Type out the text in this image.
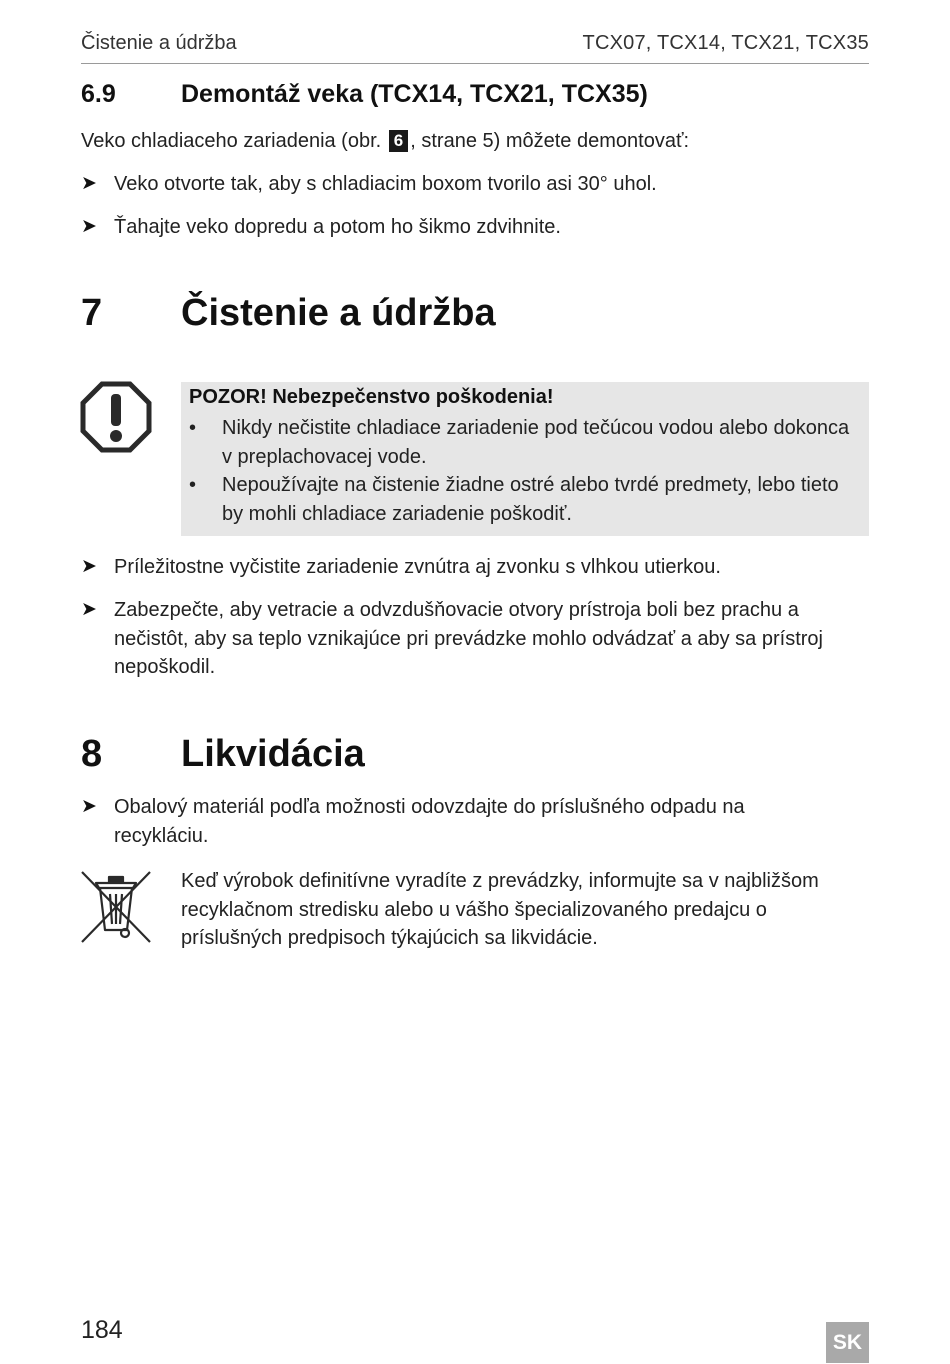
Čistenie a údržba	TCX07, TCX14, TCX21, TCX35
6.9	Demontáž veka (TCX14, TCX21, TCX35)
Veko chladiaceho zariadenia (obr. 6 , strane 5) môžete demontovať:
➤ Veko otvorte tak, aby s chladiacim boxom tvorilo asi 30° uhol.
➤ Ťahajte veko dopredu a potom ho šikmo zdvihnite.
7 Čistenie a údržba
POZOR! Nebezpečenstvo poškodenia!
• Nikdy nečistite chladiace zariadenie pod tečúcou vodou alebo dokonca v preplachovacej vode.
• Nepoužívajte na čistenie žiadne ostré alebo tvrdé predmety, lebo tieto by mohli chladiace zariadenie poškodiť.
➤ Príležitostne vyčistite zariadenie zvnútra aj zvonku s vlhkou utierkou.
➤ Zabezpečte, aby vetracie a odvzdušňovacie otvory prístroja boli bez prachu a nečistôt, aby sa teplo vznikajúce pri prevádzke mohlo odvádzať a aby sa prístroj nepoškodil.
8 Likvidácia
➤ Obalový materiál podľa možnosti odovzdajte do príslušného odpadu na recykláciu.
Keď výrobok definitívne vyradíte z prevádzky, informujte sa v najbližšom recyklačnom stredisku alebo u vášho špecializovaného predajcu o príslušných predpisoch týkajúcich sa likvidácie.
184	SK
